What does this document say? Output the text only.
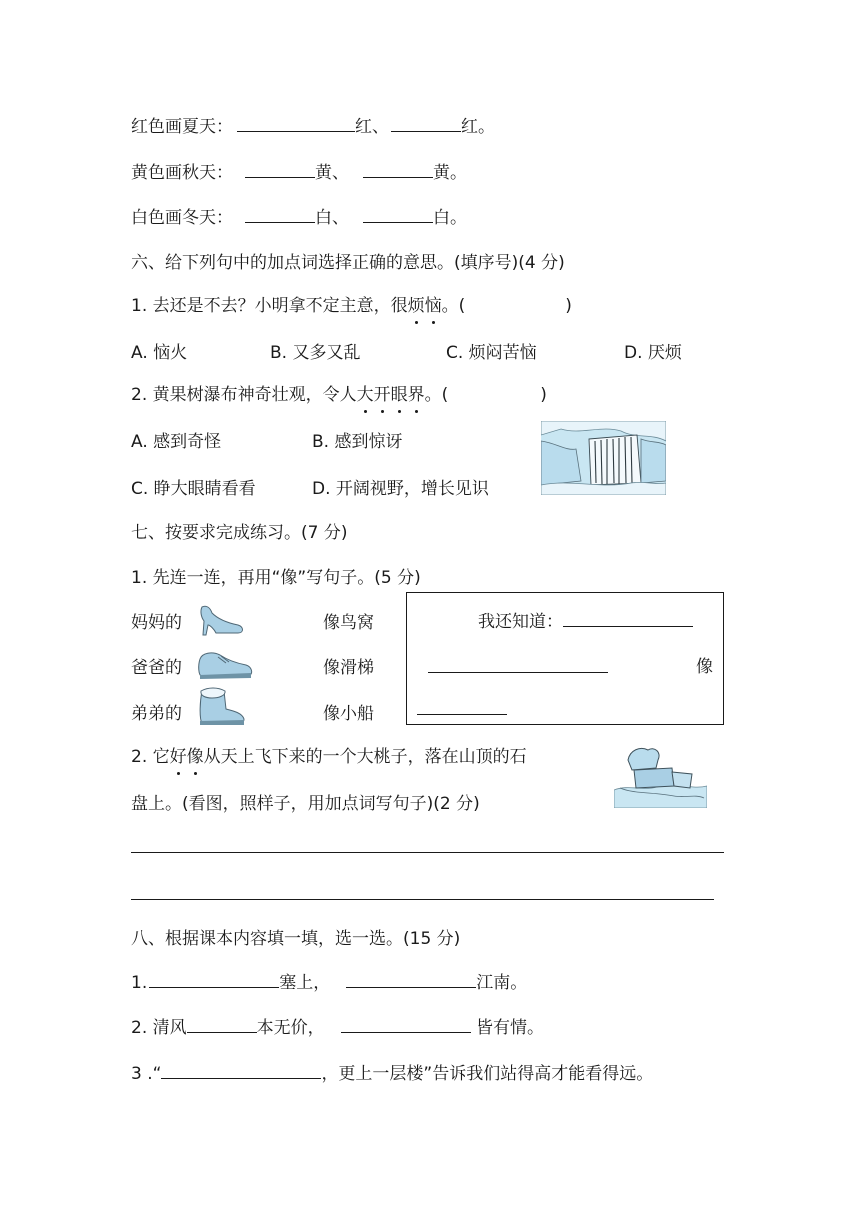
红色画夏天：	红、	红。
黄色画秋天：	黄、	黄。
白色画冬天：	白、	白。
六、给下列句中的加点词选择正确的意思。(填序号)(4 分)
1. 去还是不去？小明拿不定主意，很烦恼。(	)
A. 恼火	B. 又多又乱	C. 烦闷苦恼	D. 厌烦
2. 黄果树瀑布神奇壮观，令人大开眼界。(	)
A. 感到奇怪	B. 感到惊讶
C. 睁大眼睛看看	D. 开阔视野，增长见识
七、按要求完成练习。(7 分)
1. 先连一连，再用“像”写句子。(5 分)
妈妈的
爸爸的
弟弟的
像鸟窝
像滑梯
像小船
我还知道：
像
2. 它好像从天上飞下来的一个大桃子，落在山顶的石
盘上。(看图，照样子，用加点词写句子)(2 分)
八、根据课本内容填一填，选一选。(15 分)
1.	塞上，	江南。
2. 清风	本无价，	皆有情。
3 .“	，更上一层楼”告诉我们站得高才能看得远。
